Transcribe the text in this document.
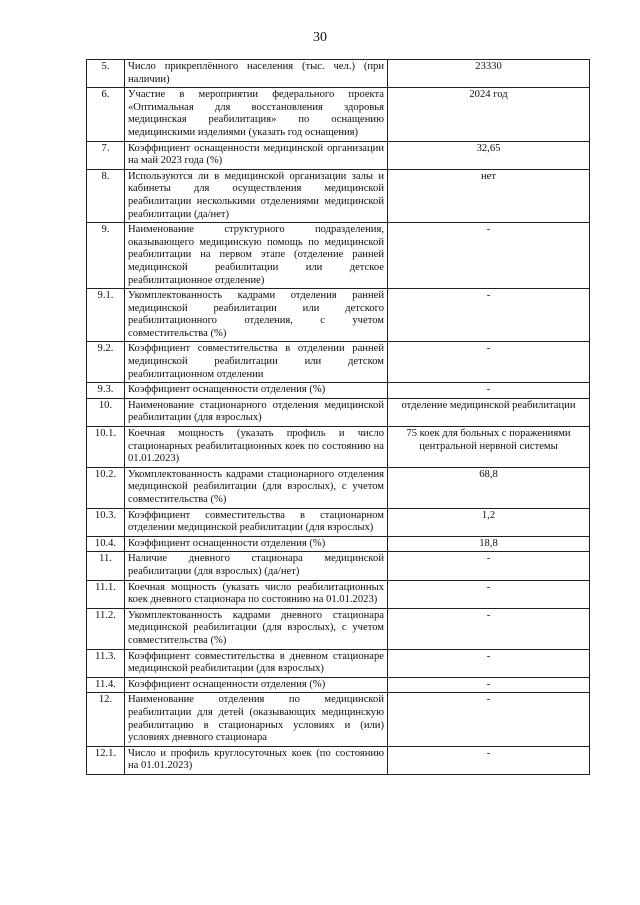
30
5.	Число прикреплённого населения (тыс. чел.) (при наличии)	23330
6.	Участие в мероприятии федерального проекта «Оптимальная для восстановления здоровья медицинская реабилитация» по оснащению медицинскими изделиями (указать год оснащения)	2024 год
7.	Коэффициент оснащенности медицинской организации на май 2023 года (%)	32,65
8.	Используются ли в медицинской организации залы и кабинеты для осуществления медицинской реабилитации несколькими отделениями медицинской реабилитации (да/нет)	нет
9.	Наименование структурного подразделения, оказывающего медицинскую помощь по медицинской реабилитации на первом этапе (отделение ранней медицинской реабилитации или детское реабилитационное отделение)	-
9.1.	Укомплектованность кадрами отделения ранней медицинской реабилитации или детского реабилитационного отделения, с учетом совместительства (%)	-
9.2.	Коэффициент совместительства в отделении ранней медицинской реабилитации или детском реабилитационном отделении	-
9.3.	Коэффициент оснащенности отделения (%)	-
10.	Наименование стационарного отделения медицинской реабилитации (для взрослых)	отделение медицинской реабилитации
10.1.	Коечная мощность (указать профиль и число стационарных реабилитационных коек по состоянию на 01.01.2023)	75 коек для больных с поражениями центральной нервной системы
10.2.	Укомплектованность кадрами стационарного отделения медицинской реабилитации (для взрослых), с учетом совместительства (%)	68,8
10.3.	Коэффициент совместительства в стационарном отделении медицинской реабилитации (для взрослых)	1,2
10.4.	Коэффициент оснащенности отделения (%)	18,8
11.	Наличие дневного стационара медицинской реабилитации (для взрослых) (да/нет)	-
11.1.	Коечная мощность (указать число реабилитационных коек дневного стационара по состоянию на 01.01.2023)	-
11.2.	Укомплектованность кадрами дневного стационара медицинской реабилитации (для взрослых), с учетом совместительства (%)	-
11.3.	Коэффициент совместительства в дневном стационаре медицинской реабилитации (для взрослых)	-
11.4.	Коэффициент оснащенности отделения (%)	-
12.	Наименование отделения по медицинской реабилитации для детей (оказывающих медицинскую реабилитацию в стационарных условиях и (или) условиях дневного стационара	-
12.1.	Число и профиль круглосуточных коек (по состоянию на 01.01.2023)	-
